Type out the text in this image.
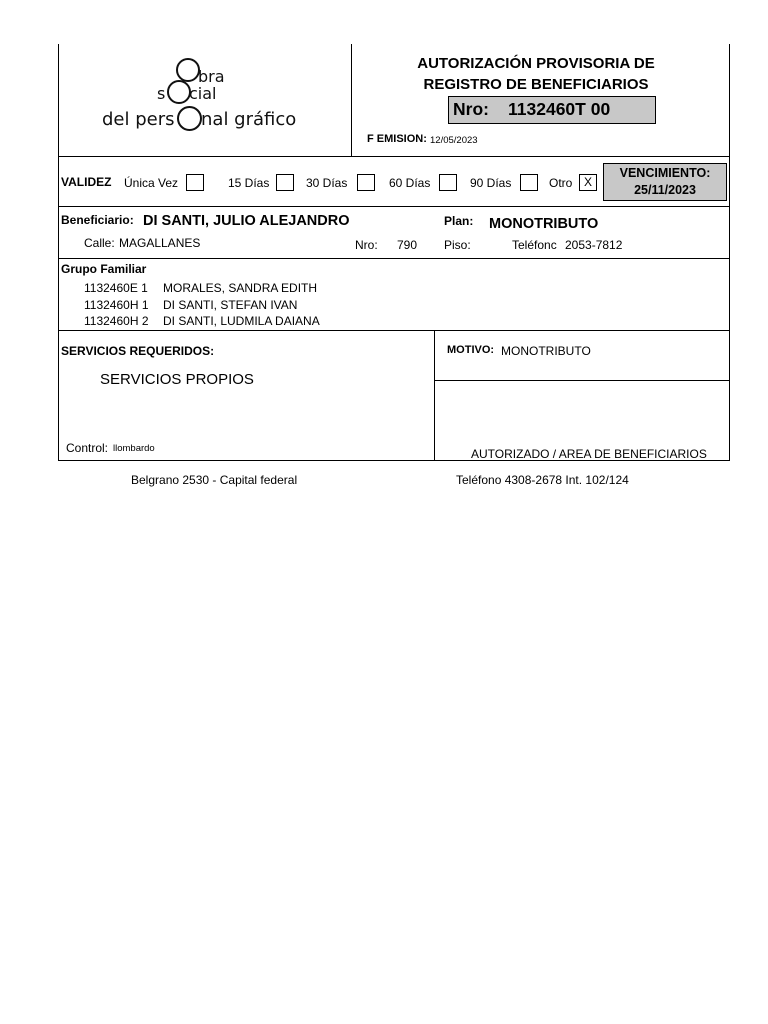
bra
s cial
del pers nal gráfico
AUTORIZACIÓN PROVISORIA DE
REGISTRO DE BENEFICIARIOS
Nro: 1132460T 00
F EMISION: 12/05/2023
VALIDEZ Única Vez	15 Días	30 Días	60 Días	90 Días	Otro X
VENCIMIENTO:
25/11/2023
Beneficiario: DI SANTI, JULIO ALEJANDRO	Plan: MONOTRIBUTO
Calle: MAGALLANES	Nro: 790 Piso:	Teléfonc 2053-7812
Grupo Familiar
1132460E 1 MORALES, SANDRA EDITH
1132460H 1 DI SANTI, STEFAN IVAN
1132460H 2 DI SANTI, LUDMILA DAIANA
SERVICIOS REQUERIDOS:
SERVICIOS PROPIOS
Control: llombardo
MOTIVO: MONOTRIBUTO
AUTORIZADO / AREA DE BENEFICIARIOS
Belgrano 2530 - Capital federal	Teléfono 4308-2678 Int. 102/124
